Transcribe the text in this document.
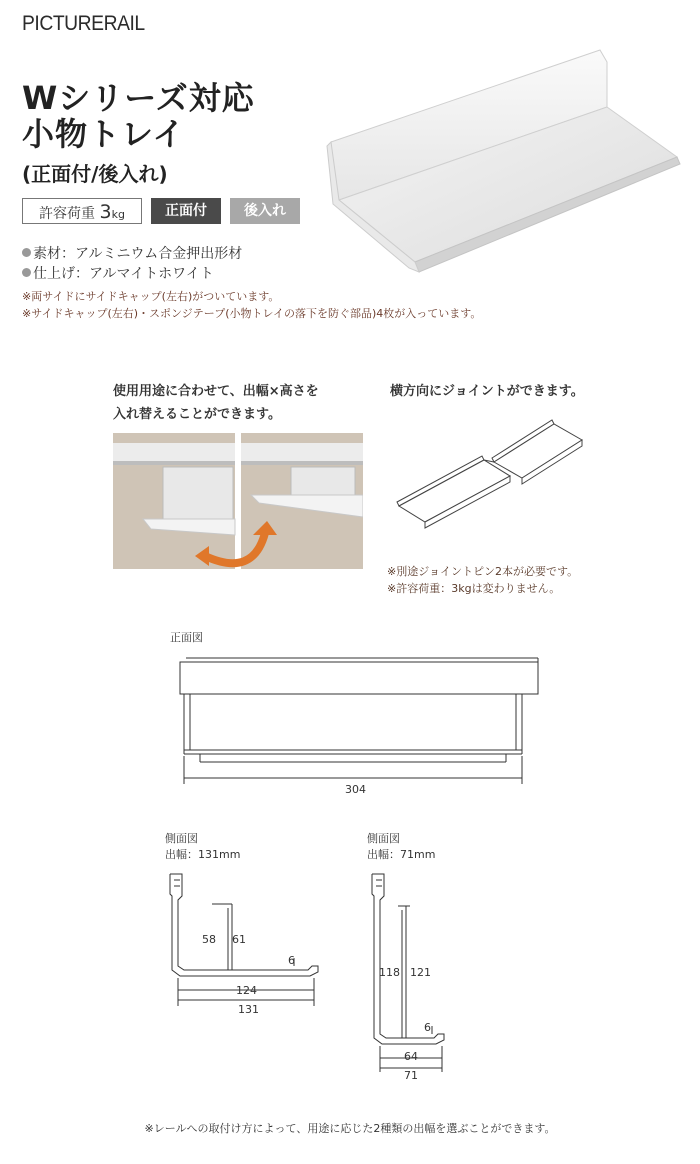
PICTURERAIL
Wシリーズ対応
小物トレイ
(正面付/後入れ)
許容荷重 3kg	正面付	後入れ
素材：アルミニウム合金押出形材
仕上げ：アルマイトホワイト
※両サイドにサイドキャップ(左右)がついています。
※サイドキャップ(左右)・スポンジテープ(小物トレイの落下を防ぐ部品)4枚が入っています。
使用用途に合わせて、出幅×高さを
入れ替えることができます。
横方向にジョイントができます。
※別途ジョイントピン2本が必要です。
※許容荷重：3kgは変わりません。
正面図
304
側面図
出幅：131mm
58 61
6
124
131
側面図
出幅：71mm
118 121
6
64
71
※レールへの取付け方によって、用途に応じた2種類の出幅を選ぶことができます。
